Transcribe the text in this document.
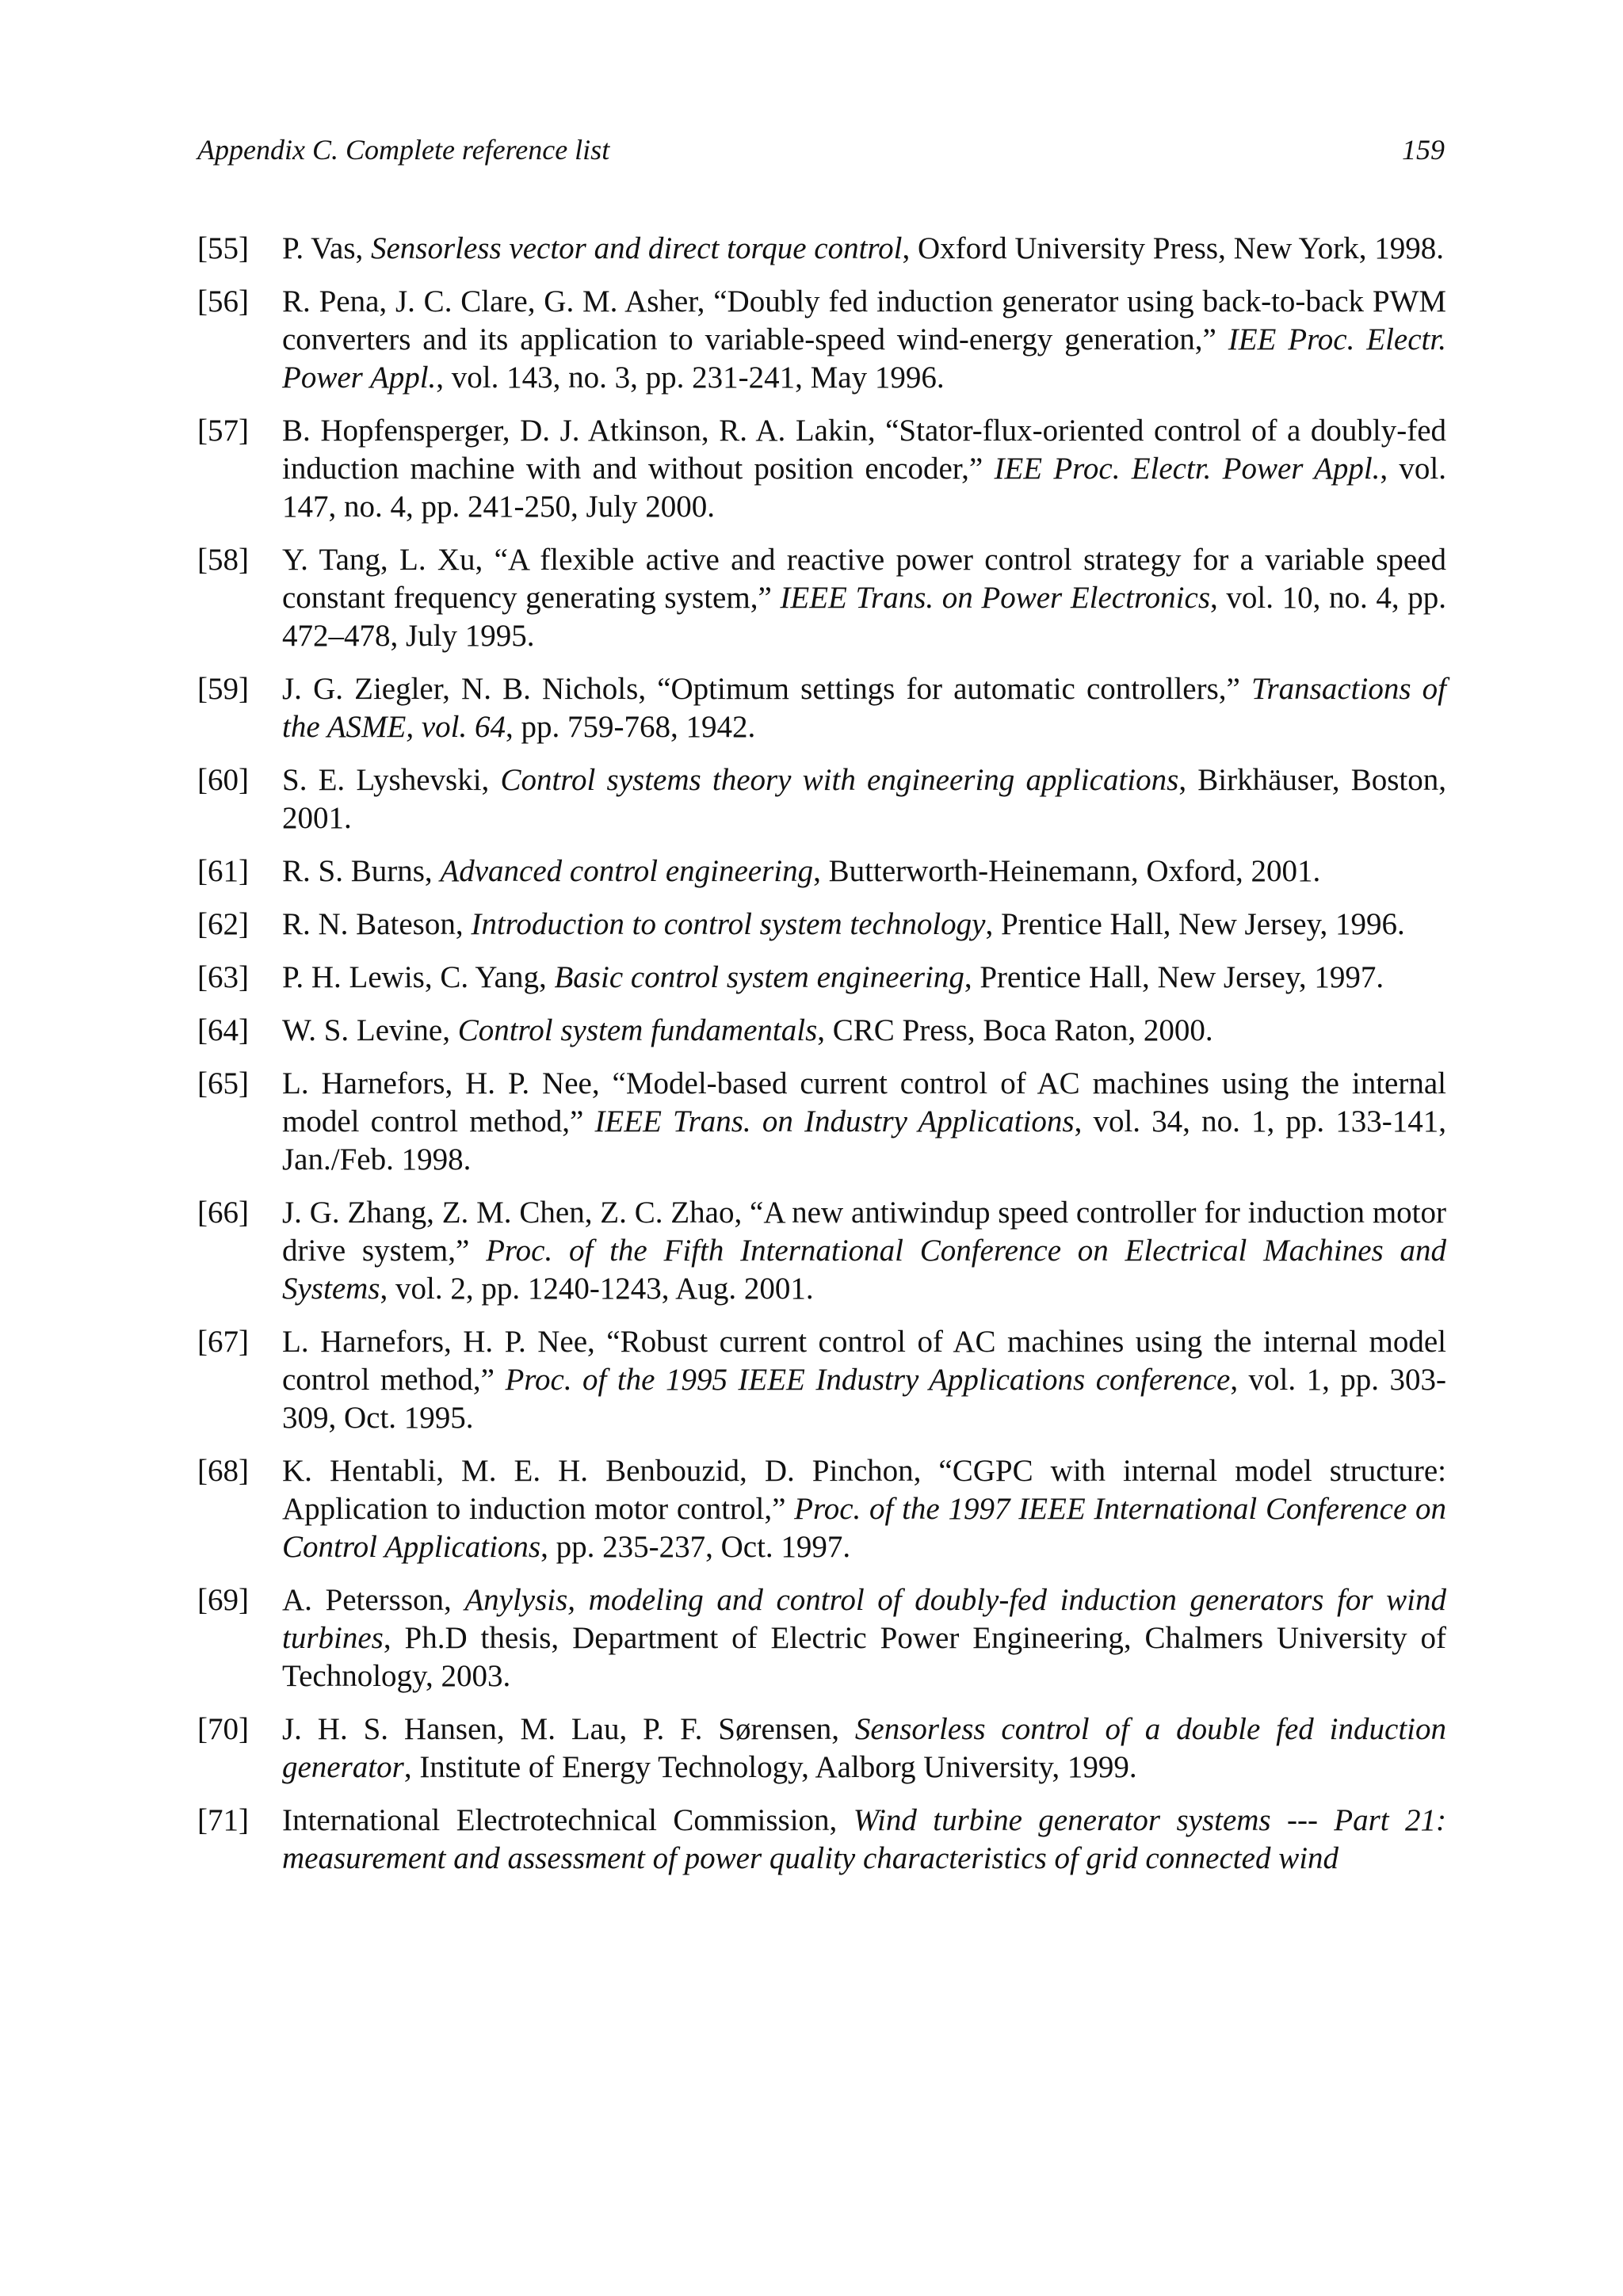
Appendix C. Complete reference list	159
[55] P. Vas, Sensorless vector and direct torque control, Oxford University Press, New York, 1998.
[56] R. Pena, J. C. Clare, G. M. Asher, “Doubly fed induction generator using back-to-back PWM converters and its application to variable-speed wind-energy generation,” IEE Proc. Electr. Power Appl., vol. 143, no. 3, pp. 231-241, May 1996.
[57] B. Hopfensperger, D. J. Atkinson, R. A. Lakin, “Stator-flux-oriented control of a doubly-fed induction machine with and without position encoder,” IEE Proc. Electr. Power Appl., vol. 147, no. 4, pp. 241-250, July 2000.
[58] Y. Tang, L. Xu, “A flexible active and reactive power control strategy for a variable speed constant frequency generating system,” IEEE Trans. on Power Electronics, vol. 10, no. 4, pp. 472–478, July 1995.
[59] J. G. Ziegler, N. B. Nichols, “Optimum settings for automatic controllers,” Transactions of the ASME, vol. 64, pp. 759-768, 1942.
[60] S. E. Lyshevski, Control systems theory with engineering applications, Birkhäuser, Boston, 2001.
[61] R. S. Burns, Advanced control engineering, Butterworth-Heinemann, Oxford, 2001.
[62] R. N. Bateson, Introduction to control system technology, Prentice Hall, New Jersey, 1996.
[63] P. H. Lewis, C. Yang, Basic control system engineering, Prentice Hall, New Jersey, 1997.
[64] W. S. Levine, Control system fundamentals, CRC Press, Boca Raton, 2000.
[65] L. Harnefors, H. P. Nee, “Model-based current control of AC machines using the internal model control method,” IEEE Trans. on Industry Applications, vol. 34, no. 1, pp. 133-141, Jan./Feb. 1998.
[66] J. G. Zhang, Z. M. Chen, Z. C. Zhao, “A new antiwindup speed controller for induction motor drive system,” Proc. of the Fifth International Conference on Electrical Machines and Systems, vol. 2, pp. 1240-1243, Aug. 2001.
[67] L. Harnefors, H. P. Nee, “Robust current control of AC machines using the internal model control method,” Proc. of the 1995 IEEE Industry Applications conference, vol. 1, pp. 303-309, Oct. 1995.
[68] K. Hentabli, M. E. H. Benbouzid, D. Pinchon, “CGPC with internal model structure: Application to induction motor control,” Proc. of the 1997 IEEE International Conference on Control Applications, pp. 235-237, Oct. 1997.
[69] A. Petersson, Anylysis, modeling and control of doubly-fed induction generators for wind turbines, Ph.D thesis, Department of Electric Power Engineering, Chalmers University of Technology, 2003.
[70] J. H. S. Hansen, M. Lau, P. F. Sørensen, Sensorless control of a double fed induction generator, Institute of Energy Technology, Aalborg University, 1999.
[71] International Electrotechnical Commission, Wind turbine generator systems --- Part 21: measurement and assessment of power quality characteristics of grid connected wind
